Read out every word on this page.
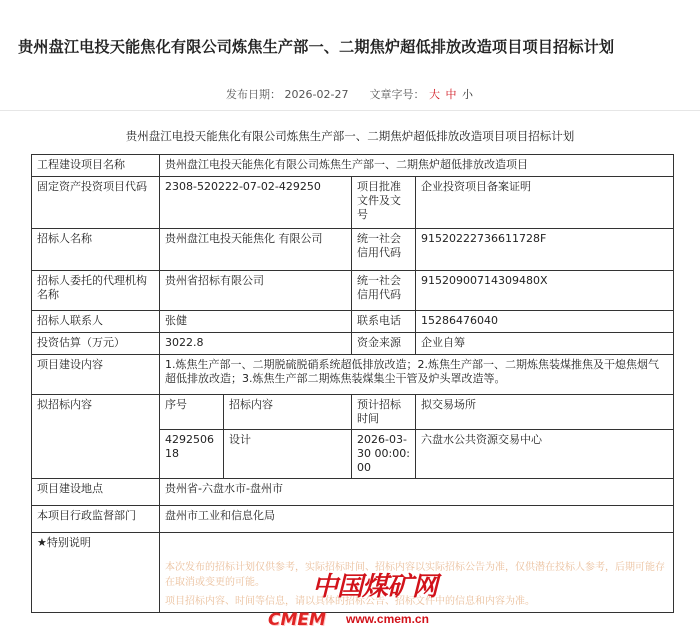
贵州盘江电投天能焦化有限公司炼焦生产部一、二期焦炉超低排放改造项目项目招标计划
发布日期： 2026-02-27 文章字号： 大 中 小
贵州盘江电投天能焦化有限公司炼焦生产部一、二期焦炉超低排放改造项目项目招标计划
工程建设项目名称	贵州盘江电投天能焦化有限公司炼焦生产部一、二期焦炉超低排放改造项目			
固定资产投资项目代码	2308-520222-07-02-429250		项目批准文件及文号	企业投资项目备案证明
招标人名称	贵州盘江电投天能焦化 有限公司		统一社会信用代码	91520222736611728F
招标人委托的代理机构名称	贵州省招标有限公司		统一社会信用代码	91520900714309480X
招标人联系人	张健		联系电话	15286476040
投资估算（万元）	3022.8		资金来源	企业自筹
项目建设内容	1.炼焦生产部一、二期脱硫脱硝系统超低排放改造；2.炼焦生产部一、二期炼焦装煤推焦及干熄焦烟气超低排放改造；3.炼焦生产部二期炼焦装煤集尘干管及炉头罩改造等。			
拟招标内容	序号	招标内容	预计招标时间	拟交易场所
	429250618	设计	2026-03-30 00:00:00	六盘水公共资源交易中心
项目建设地点	贵州省-六盘水市-盘州市			
本项目行政监督部门	盘州市工业和信息化局			
★特别说明				

本次发布的招标计划仅供参考，实际招标时间、招标内容以实际招标公告为准，仅供潜在投标人参考，后期可能存在取消或变更的可能。

项目招标内容、时间等信息，请以具体的招标公告、招标文件中的信息和内容为准。

中国煤矿网
CMEM www.cmem.cn
